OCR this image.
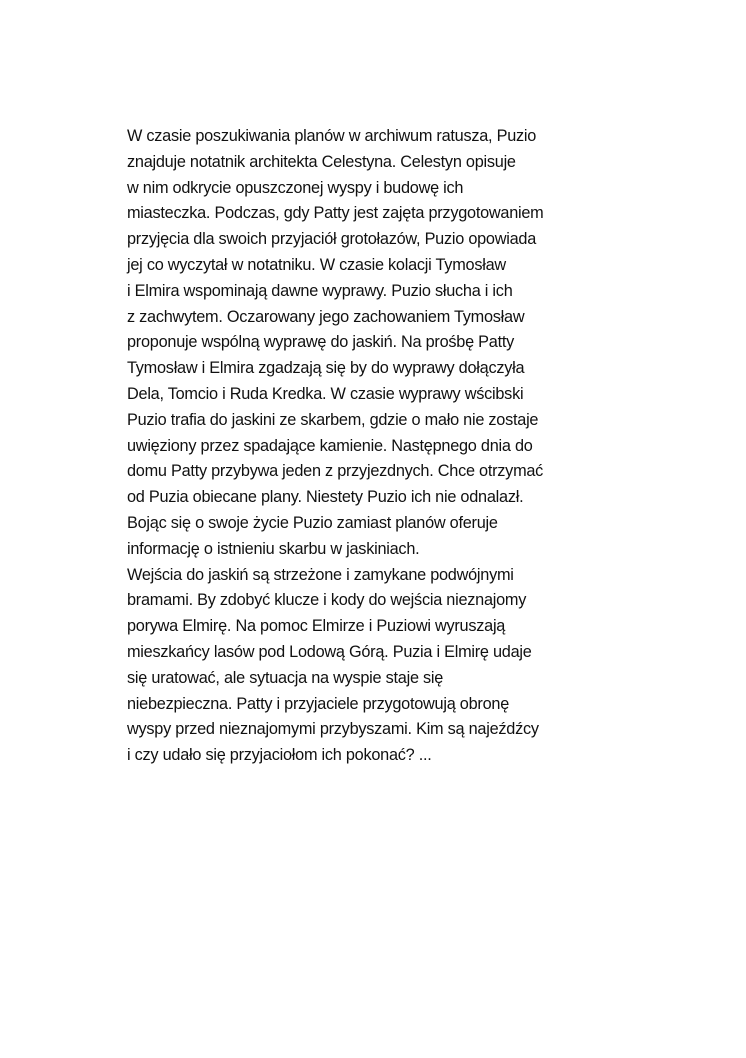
W czasie poszukiwania planów w archiwum ratusza, Puzio
znajduje notatnik architekta Celestyna. Celestyn opisuje
w nim odkrycie opuszczonej wyspy i budowę ich
miasteczka. Podczas, gdy Patty jest zajęta przygotowaniem
przyjęcia dla swoich przyjaciół grotołazów, Puzio opowiada
jej co wyczytał w notatniku. W czasie kolacji Tymosław
i Elmira wspominają dawne wyprawy. Puzio słucha i ich
z zachwytem. Oczarowany jego zachowaniem Tymosław
proponuje wspólną wyprawę do jaskiń. Na prośbę Patty
Tymosław i Elmira zgadzają się by do wyprawy dołączyła
Dela, Tomcio i Ruda Kredka. W czasie wyprawy wścibski
Puzio trafia do jaskini ze skarbem, gdzie o mało nie zostaje
uwięziony przez spadające kamienie. Następnego dnia do
domu Patty przybywa jeden z przyjezdnych. Chce otrzymać
od Puzia obiecane plany. Niestety Puzio ich nie odnalazł.
Bojąc się o swoje życie Puzio zamiast planów oferuje
informację o istnieniu skarbu w jaskiniach.
Wejścia do jaskiń są strzeżone i zamykane podwójnymi
bramami. By zdobyć klucze i kody do wejścia nieznajomy
porywa Elmirę. Na pomoc Elmirze i Puziowi wyruszają
mieszkańcy lasów pod Lodową Górą. Puzia i Elmirę udaje
się uratować, ale sytuacja na wyspie staje się
niebezpieczna. Patty i przyjaciele przygotowują obronę
wyspy przed nieznajomymi przybyszami. Kim są najeźdźcy
i czy udało się przyjaciołom ich pokonać? ...
